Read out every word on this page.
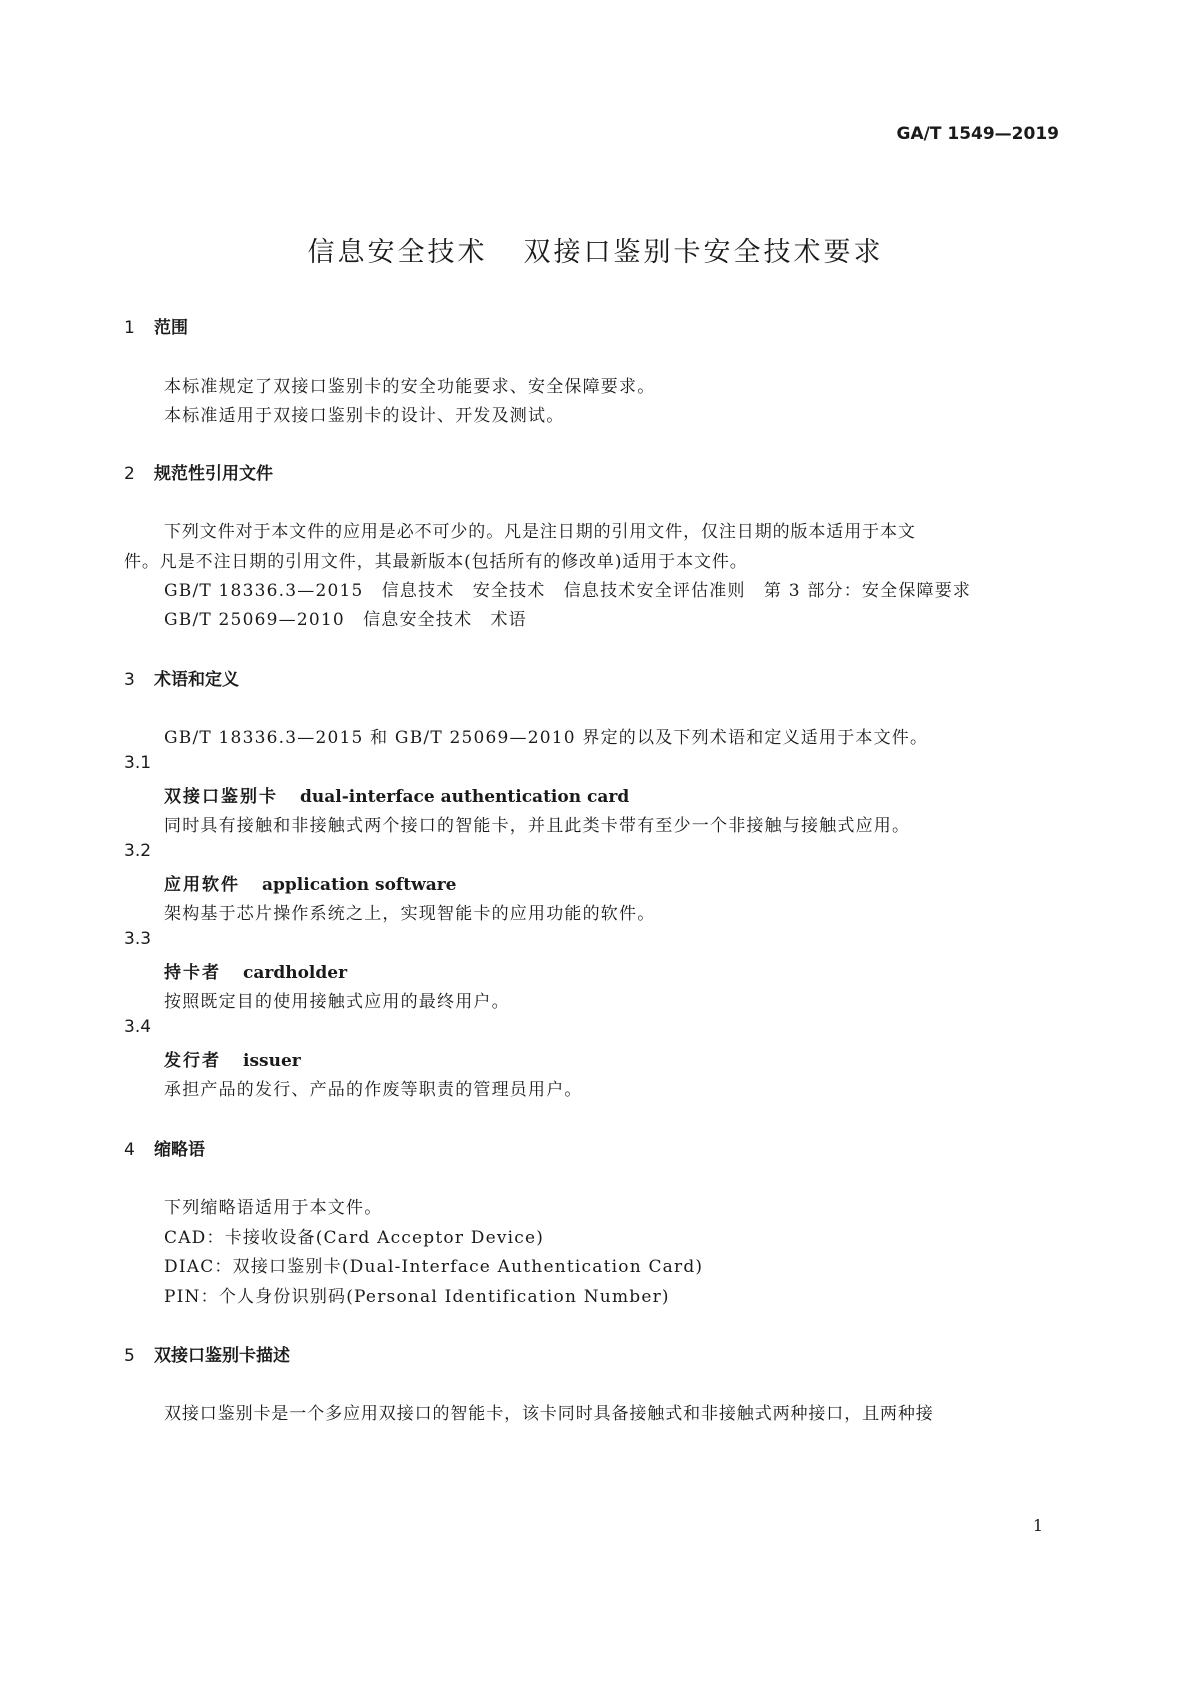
GA/T 1549—2019
信息安全技术 双接口鉴别卡安全技术要求
1 范围
本标准规定了双接口鉴别卡的安全功能要求、安全保障要求。
本标准适用于双接口鉴别卡的设计、开发及测试。
2 规范性引用文件
下列文件对于本文件的应用是必不可少的。凡是注日期的引用文件，仅注日期的版本适用于本文
件。凡是不注日期的引用文件，其最新版本(包括所有的修改单)适用于本文件。
GB/T 18336.3—2015　信息技术　安全技术　信息技术安全评估准则　第 3 部分：安全保障要求
GB/T 25069—2010　信息安全技术　术语
3 术语和定义
GB/T 18336.3—2015 和 GB/T 25069—2010 界定的以及下列术语和定义适用于本文件。
3.1
双接口鉴别卡 dual-interface authentication card
同时具有接触和非接触式两个接口的智能卡，并且此类卡带有至少一个非接触与接触式应用。
3.2
应用软件 application software
架构基于芯片操作系统之上，实现智能卡的应用功能的软件。
3.3
持卡者 cardholder
按照既定目的使用接触式应用的最终用户。
3.4
发行者 issuer
承担产品的发行、产品的作废等职责的管理员用户。
4 缩略语
下列缩略语适用于本文件。
CAD：卡接收设备(Card Acceptor Device)
DIAC：双接口鉴别卡(Dual-Interface Authentication Card)
PIN：个人身份识别码(Personal Identification Number)
5 双接口鉴别卡描述
双接口鉴别卡是一个多应用双接口的智能卡，该卡同时具备接触式和非接触式两种接口，且两种接
1
